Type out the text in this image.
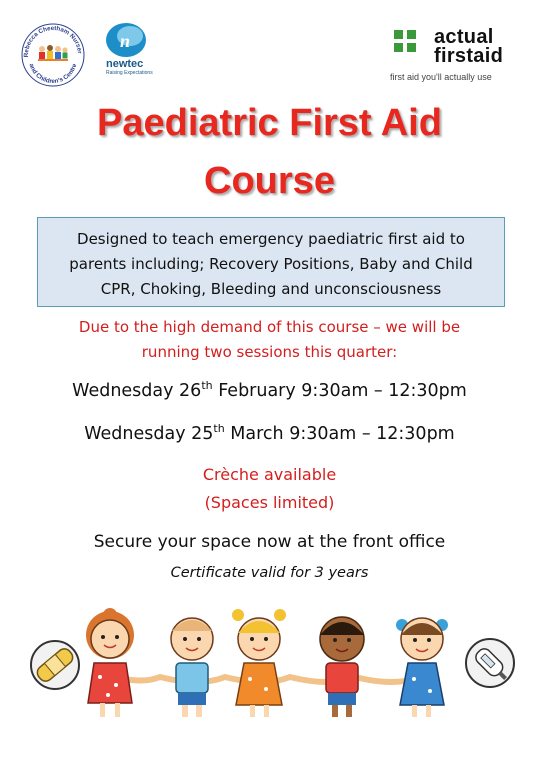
Rebecca Cheetham Nurser
and Children's Centre
n
newtec
Raising Expectations
actual
firstaid
first aid you'll actually use
Paediatric First Aid
Course
Designed to teach emergency paediatric first aid to
parents including; Recovery Positions, Baby and Child
CPR, Choking, Bleeding and unconsciousness
Due to the high demand of this course – we will be
running two sessions this quarter:
Wednesday 26th February 9:30am – 12:30pm
Wednesday 25th March 9:30am – 12:30pm
Crèche available
(Spaces limited)
Secure your space now at the front office
Certificate valid for 3 years
